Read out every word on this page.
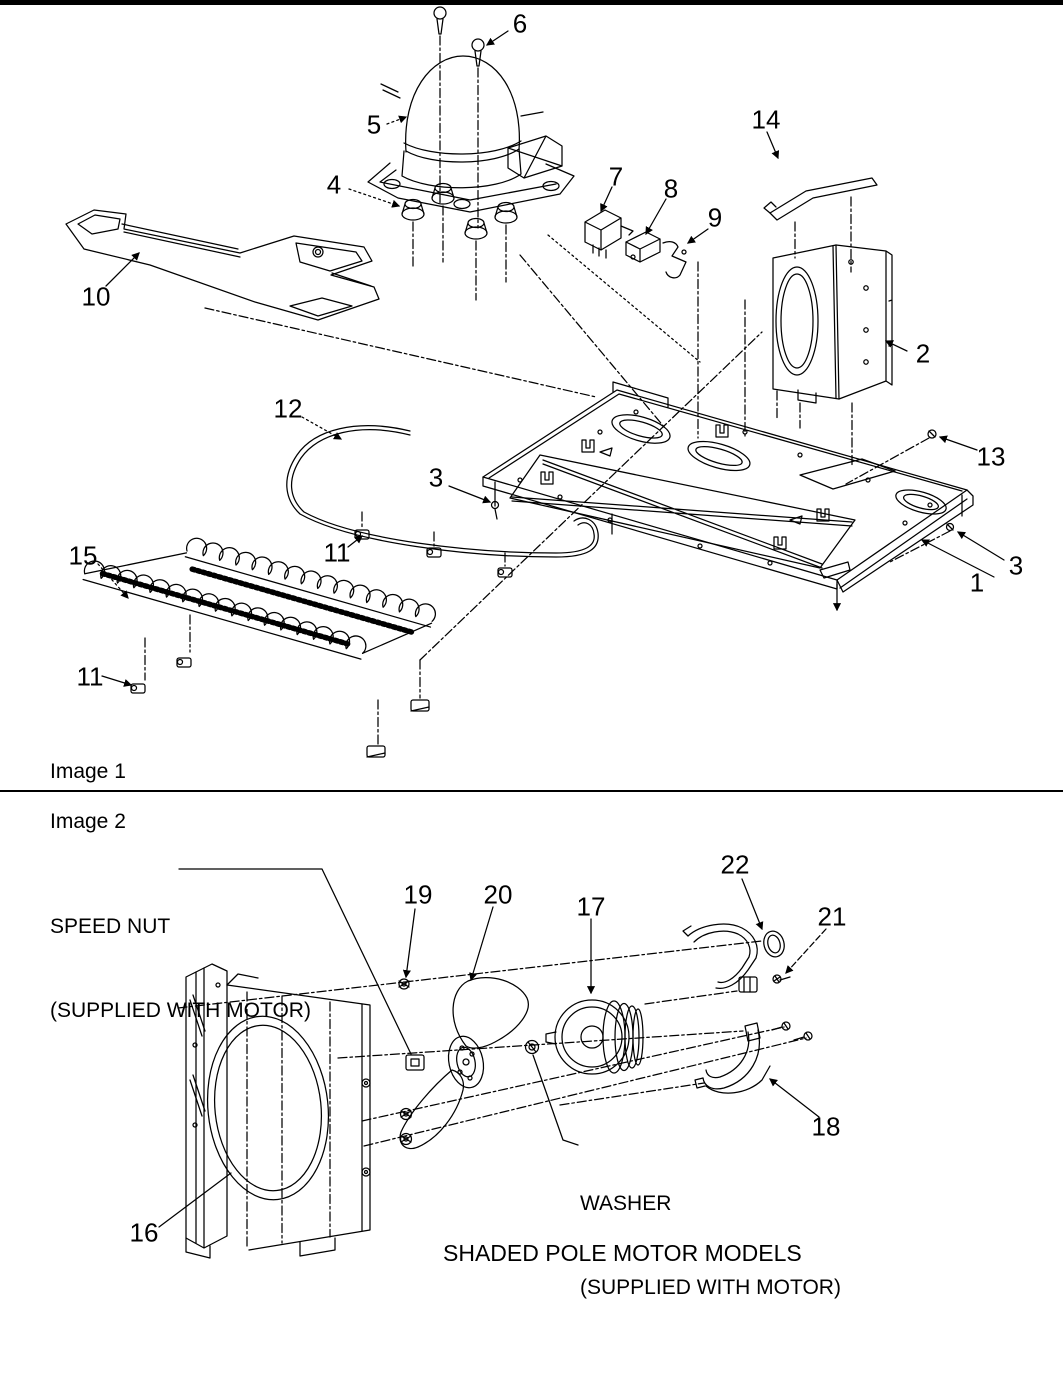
Image 1
Image 2

SPEED NUT

(SUPPLIED WITH MOTOR)

WASHER

(SUPPLIED WITH MOTOR)

SHADED POLE MOTOR MODELS
1
2
3
3
4
5
6
7 8
9
10
11
11
12
13
14
15
16
17
18
19 20
21
22
